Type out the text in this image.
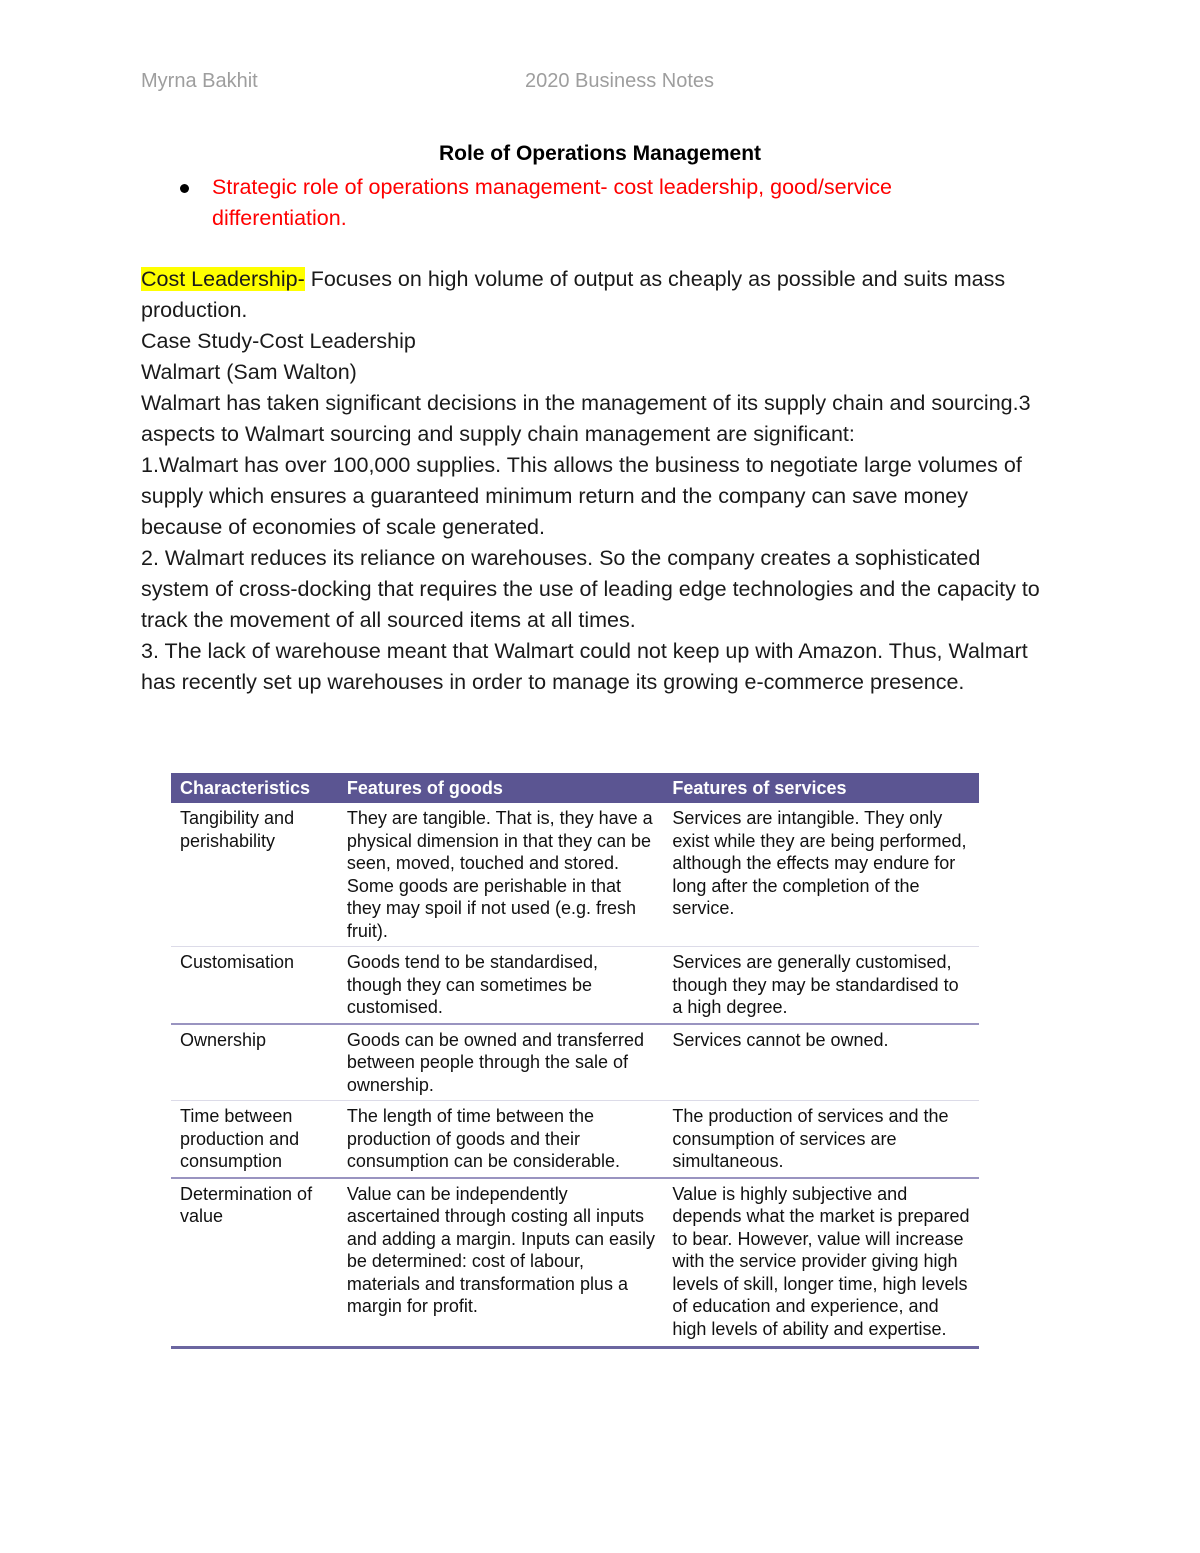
Myrna Bakhit	2020 Business Notes
Role of Operations Management
Strategic role of operations management- cost leadership, good/service differentiation.

Cost Leadership- Focuses on high volume of output as cheaply as possible and suits mass production.

Case Study-Cost Leadership

Walmart (Sam Walton)

Walmart has taken significant decisions in the management of its supply chain and sourcing.3 aspects to Walmart sourcing and supply chain management are significant:

1.Walmart has over 100,000 supplies. This allows the business to negotiate large volumes of supply which ensures a guaranteed minimum return and the company can save money because of economies of scale generated.

2. Walmart reduces its reliance on warehouses. So the company creates a sophisticated system of cross-docking that requires the use of leading edge technologies and the capacity to track the movement of all sourced items at all times.

3. The lack of warehouse meant that Walmart could not keep up with Amazon. Thus, Walmart has recently set up warehouses in order to manage its growing e-commerce presence.

Characteristics	Features of goods	Features of services
Tangibility and perishability	They are tangible. That is, they have a physical dimension in that they can be seen, moved, touched and stored. Some goods are perishable in that they may spoil if not used (e.g. fresh fruit).	Services are intangible. They only exist while they are being performed, although the effects may endure for long after the completion of the service.
Customisation	Goods tend to be standardised, though they can sometimes be customised.	Services are generally customised, though they may be standardised to a high degree.
Ownership	Goods can be owned and transferred between people through the sale of ownership.	Services cannot be owned.
Time between production and consumption	The length of time between the production of goods and their consumption can be considerable.	The production of services and the consumption of services are simultaneous.
Determination of value	Value can be independently ascertained through costing all inputs and adding a margin. Inputs can easily be determined: cost of labour, materials and transformation plus a margin for profit.	Value is highly subjective and depends what the market is prepared to bear. However, value will increase with the service provider giving high levels of skill, longer time, high levels of education and experience, and high levels of ability and expertise.
